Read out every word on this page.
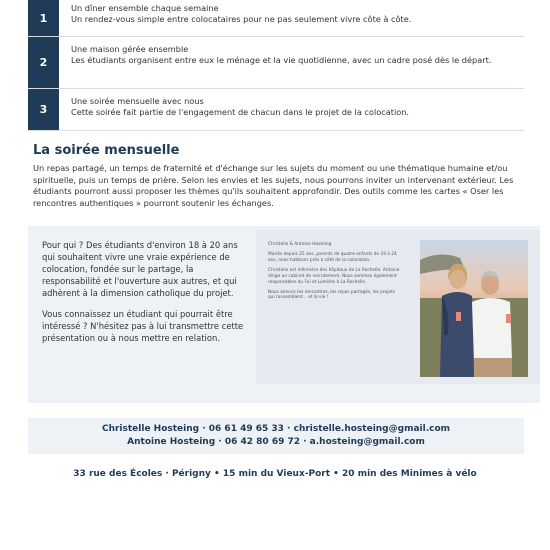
1
Un dîner ensemble chaque semaine
Un rendez-vous simple entre colocataires pour ne pas seulement vivre côte à côte.
2
Une maison gérée ensemble
Les étudiants organisent entre eux le ménage et la vie quotidienne, avec un cadre posé dès le départ.
3
Une soirée mensuelle avec nous
Cette soirée fait partie de l'engagement de chacun dans le projet de la colocation.
La soirée mensuelle

Un repas partagé, un temps de fraternité et d'échange sur les sujets du moment ou une thématique humaine et/ou spirituelle, puis un temps de prière. Selon les envies et les sujets, nous pourrons inviter un intervenant extérieur. Les étudiants pourront aussi proposer les thèmes qu'ils souhaitent approfondir. Des outils comme les cartes « Oser les rencontres authentiques » pourront soutenir les échanges.

Pour qui ? Des étudiants d'environ 18 à 20 ans qui souhaitent vivre une vraie expérience de colocation, fondée sur le partage, la responsabilité et l'ouverture aux autres, et qui adhèrent à la dimension catholique du projet.

Vous connaissez un étudiant qui pourrait être intéressé ? N'hésitez pas à lui transmettre cette présentation ou à nous mettre en relation.

Christelle & Antoine Hosteing

Mariés depuis 25 ans, parents de quatre enfants de 19 à 24 ans, nous habitons près à côté de la colocation.

Christelle est infirmière des hôpitaux de La Rochelle. Antoine dirige un cabinet de recrutement. Nous sommes également responsables du Foi et Lumière à La Rochelle.

Nous aimons les rencontres, les repas partagés, les projets qui rassemblent... et la vie !

Christelle Hosteing · 06 61 49 65 33 · christelle.hosteing@gmail.com
Antoine Hosteing · 06 42 80 69 72 · a.hosteing@gmail.com
33 rue des Écoles · Périgny • 15 min du Vieux-Port • 20 min des Minimes à vélo
